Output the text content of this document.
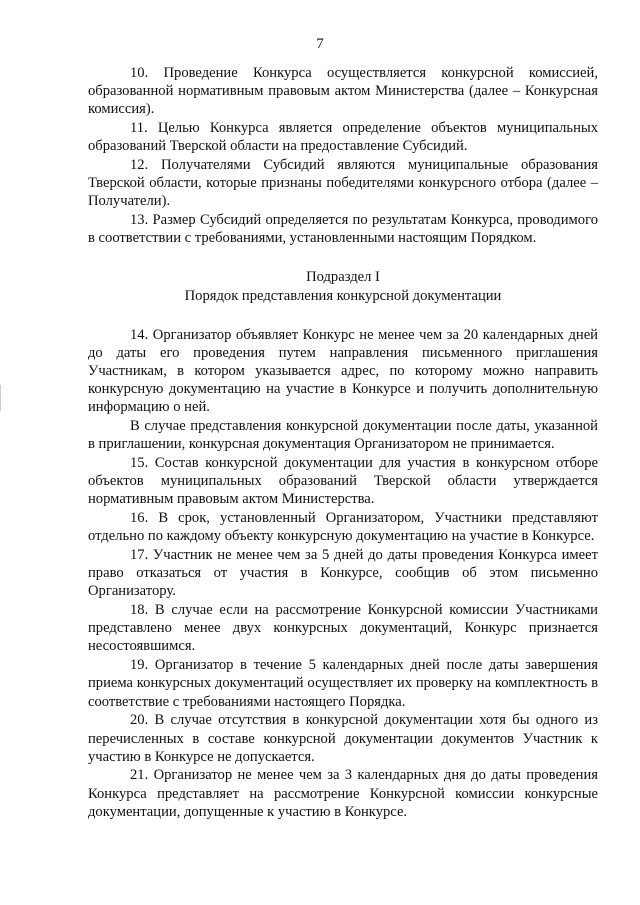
7

10. Проведение Конкурса осуществляется конкурсной комиссией, образованной нормативным правовым актом Министерства (далее – Конкурсная комиссия).

11. Целью Конкурса является определение объектов муниципальных образований Тверской области на предоставление Субсидий.

12. Получателями Субсидий являются муниципальные образования Тверской области, которые признаны победителями конкурсного отбора (далее – Получатели).

13. Размер Субсидий определяется по результатам Конкурса, проводимого в соответствии с требованиями, установленными настоящим Порядком.

Подраздел I

Порядок представления конкурсной документации

14. Организатор объявляет Конкурс не менее чем за 20 календарных дней до даты его проведения путем направления письменного приглашения Участникам, в котором указывается адрес, по которому можно направить конкурсную документацию на участие в Конкурсе и получить дополнительную информацию о ней.

В случае представления конкурсной документации после даты, указанной в приглашении, конкурсная документация Организатором не принимается.

15. Состав конкурсной документации для участия в конкурсном отборе объектов муниципальных образований Тверской области утверждается нормативным правовым актом Министерства.

16. В срок, установленный Организатором, Участники представляют отдельно по каждому объекту конкурсную документацию на участие в Конкурсе.

17. Участник не менее чем за 5 дней до даты проведения Конкурса имеет право отказаться от участия в Конкурсе, сообщив об этом письменно Организатору.

18. В случае если на рассмотрение Конкурсной комиссии Участниками представлено менее двух конкурсных документаций, Конкурс признается несостоявшимся.

19. Организатор в течение 5 календарных дней после даты завершения приема конкурсных документаций осуществляет их проверку на комплектность в соответствие с требованиями настоящего Порядка.

20. В случае отсутствия в конкурсной документации хотя бы одного из перечисленных в составе конкурсной документации документов Участник к участию в Конкурсе не допускается.

21. Организатор не менее чем за 3 календарных дня до даты проведения Конкурса представляет на рассмотрение Конкурсной комиссии конкурсные документации, допущенные к участию в Конкурсе.
